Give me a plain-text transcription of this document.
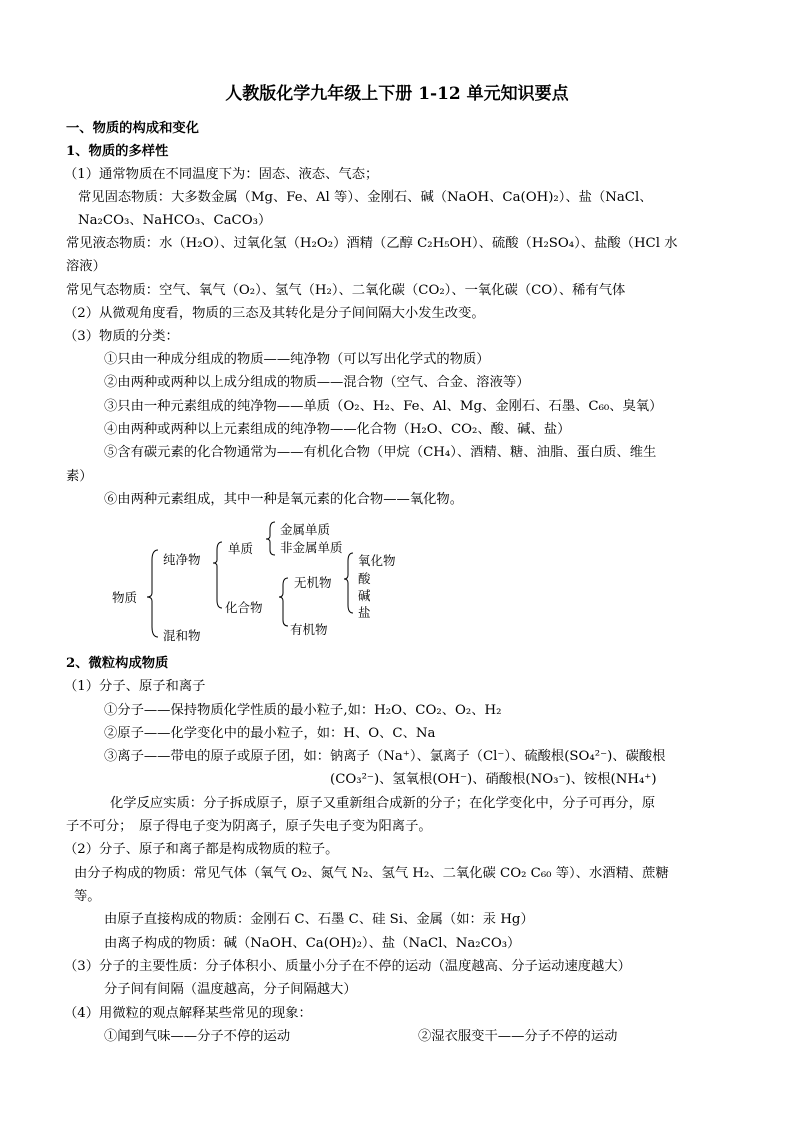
人教版化学九年级上下册 1-12 单元知识要点
一、物质的构成和变化
1、物质的多样性
（1）通常物质在不同温度下为：固态、液态、气态；
常见固态物质：大多数金属（Mg、Fe、Al 等）、金刚石、碱（NaOH、Ca(OH)₂）、盐（NaCl、
Na₂CO₃、NaHCO₃、CaCO₃）
常见液态物质：水（H₂O）、过氧化氢（H₂O₂）酒精（乙醇 C₂H₅OH）、硫酸（H₂SO₄）、盐酸（HCl 水
溶液）
常见气态物质：空气、氧气（O₂）、氢气（H₂）、二氧化碳（CO₂）、一氧化碳（CO）、稀有气体
（2）从微观角度看，物质的三态及其转化是分子间间隔大小发生改变。
（3）物质的分类：
①只由一种成分组成的物质——纯净物（可以写出化学式的物质）
②由两种或两种以上成分组成的物质——混合物（空气、合金、溶液等）
③只由一种元素组成的纯净物——单质（O₂、H₂、Fe、Al、Mg、金刚石、石墨、C₆₀、臭氧）
④由两种或两种以上元素组成的纯净物——化合物（H₂O、CO₂、酸、碱、盐）
⑤含有碳元素的化合物通常为——有机化合物（甲烷（CH₄）、酒精、糖、油脂、蛋白质、维生
素）
⑥由两种元素组成，其中一种是氧元素的化合物——氧化物。
物质
纯净物
混和物
单质
化合物
金属单质
非金属单质
无机物
有机物
氧化物
酸
碱
盐
2、微粒构成物质
（1）分子、原子和离子
①分子——保持物质化学性质的最小粒子,如：H₂O、CO₂、O₂、H₂
②原子——化学变化中的最小粒子，如：H、O、C、Na
③离子——带电的原子或原子团，如：钠离子（Na⁺）、氯离子（Cl⁻）、硫酸根(SO₄²⁻)、碳酸根
(CO₃²⁻)、氢氧根(OH⁻)、硝酸根(NO₃⁻)、铵根(NH₄⁺)
化学反应实质：分子拆成原子，原子又重新组合成新的分子；在化学变化中，分子可再分，原
子不可分；　原子得电子变为阴离子，原子失电子变为阳离子。
（2）分子、原子和离子都是构成物质的粒子。
由分子构成的物质：常见气体（氧气 O₂、氮气 N₂、氢气 H₂、二氧化碳 CO₂ C₆₀ 等）、水酒精、蔗糖
等。
由原子直接构成的物质：金刚石 C、石墨 C、硅 Si、金属（如：汞 Hg）
由离子构成的物质：碱（NaOH、Ca(OH)₂）、盐（NaCl、Na₂CO₃）
（3）分子的主要性质：分子体积小、质量小分子在不停的运动（温度越高、分子运动速度越大）
分子间有间隔（温度越高，分子间隔越大）
（4）用微粒的观点解释某些常见的现象：
①闻到气味——分子不停的运动	②湿衣服变干——分子不停的运动
